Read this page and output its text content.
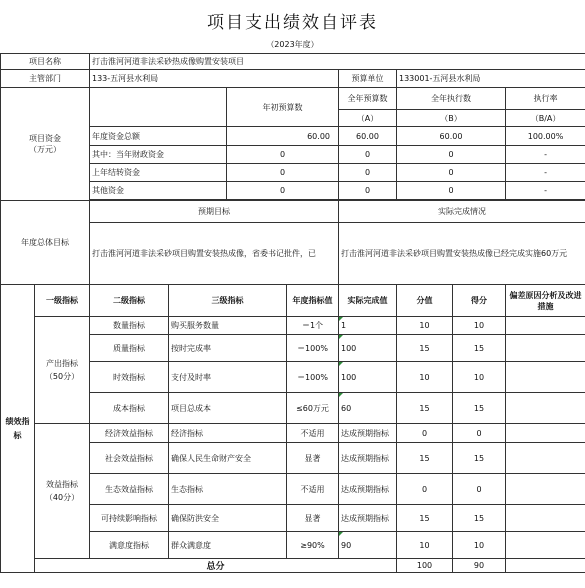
项目支出绩效自评表
（2023年度）
项目名称		打击淮河河道非法采砂热成像购置安装项目							
主管部门		133-五河县水利局				预算单位	133001-五河县水利局		
项目资金
（万元）				年初预算数		全年预算数	全年执行数		执行率
						（A）	（B）		（B/A）
		年度资金总额		60.00		60.00	60.00		100.00%
		其中：当年财政资金		0		0	0		-
		上年结转资金		0		0	0		-
		其他资金		0		0	0		-

年度总体目标		预期目标				实际完成情况			
		打击淮河河道非法采砂项目购置安装热成像，省委书记批件，已				打击淮河河道非法采砂项目购置安装热成像已经完成实施60万元			
绩效指标	一级指标	二级指标	三级指标		年度指标值	实际完成值	分值	得分	偏差原因分析及改进措施
	产出指标（50分）	数量指标	购买服务数量		＝1个	1	10	10	
		质量指标	按时完成率		＝100%	100	15	15	
		时效指标	支付及时率		＝100%	100	10	10	
		成本指标	项目总成本		≤60万元	60	15	15	
	效益指标（40分）	经济效益指标	经济指标		不适用	达成预期指标	0	0	
		社会效益指标	确保人民生命财产安全		显著	达成预期指标	15	15	
		生态效益指标	生态指标		不适用	达成预期指标	0	0	
		可持续影响指标	确保防洪安全		显著	达成预期指标	15	15	
		满意度指标	群众满意度		≥90%	90	10	10	
	总分						100	90	
